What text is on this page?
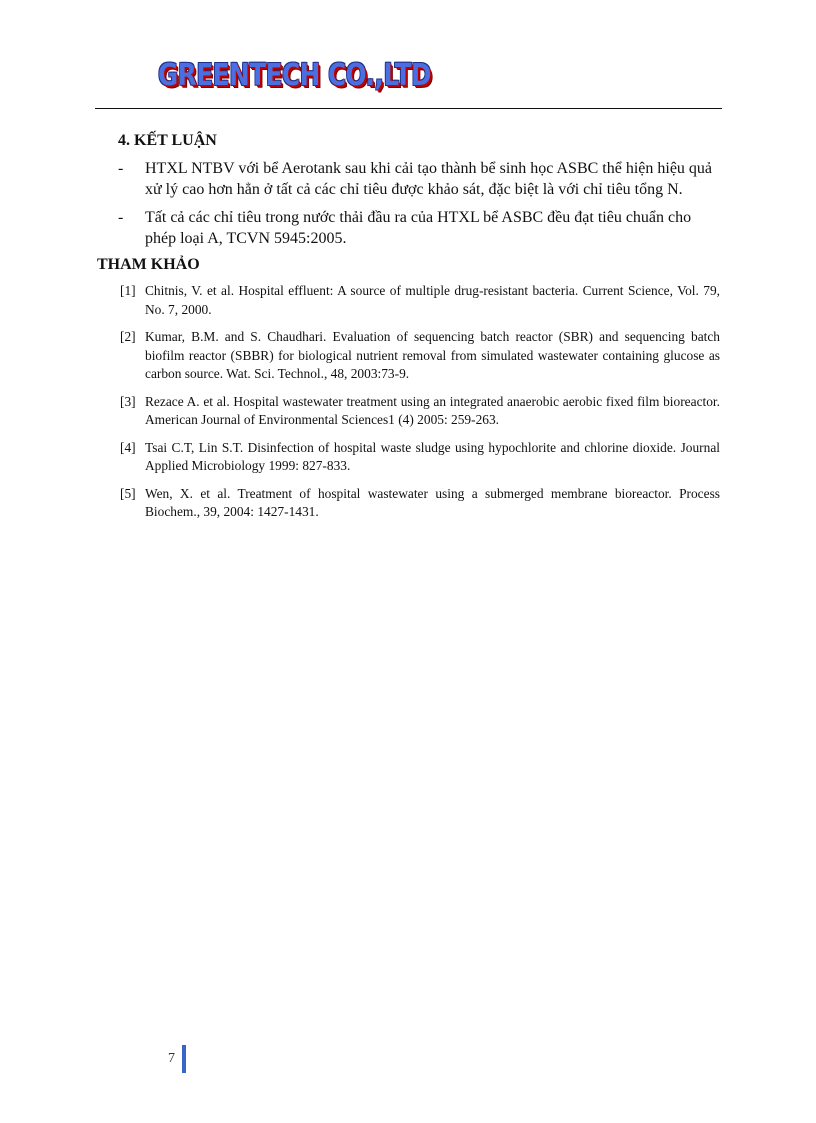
GREENTECH CO.,LTD
4. KẾT LUẬN
- HTXL NTBV với bể Aerotank sau khi cải tạo thành bể sinh học ASBC thể hiện hiệu quả xử lý cao hơn hẳn ở tất cả các chỉ tiêu được khảo sát, đặc biệt là với chỉ tiêu tổng N.
- Tất cả các chỉ tiêu trong nước thải đầu ra của HTXL bể ASBC đều đạt tiêu chuẩn cho phép loại A, TCVN 5945:2005.
THAM KHẢO
[1] Chitnis, V. et al. Hospital effluent: A source of multiple drug-resistant bacteria. Current Science, Vol. 79, No. 7, 2000.
[2] Kumar, B.M. and S. Chaudhari. Evaluation of sequencing batch reactor (SBR) and sequencing batch biofilm reactor (SBBR) for biological nutrient removal from simulated wastewater containing glucose as carbon source. Wat. Sci. Technol., 48, 2003:73-9.
[3] Rezace A. et al. Hospital wastewater treatment using an integrated anaerobic aerobic fixed film bioreactor. American Journal of Environmental Sciences1 (4) 2005: 259-263.
[4] Tsai C.T, Lin S.T. Disinfection of hospital waste sludge using hypochlorite and chlorine dioxide. Journal Applied Microbiology 1999: 827-833.
[5] Wen, X. et al. Treatment of hospital wastewater using a submerged membrane bioreactor. Process Biochem., 39, 2004: 1427-1431.
7
